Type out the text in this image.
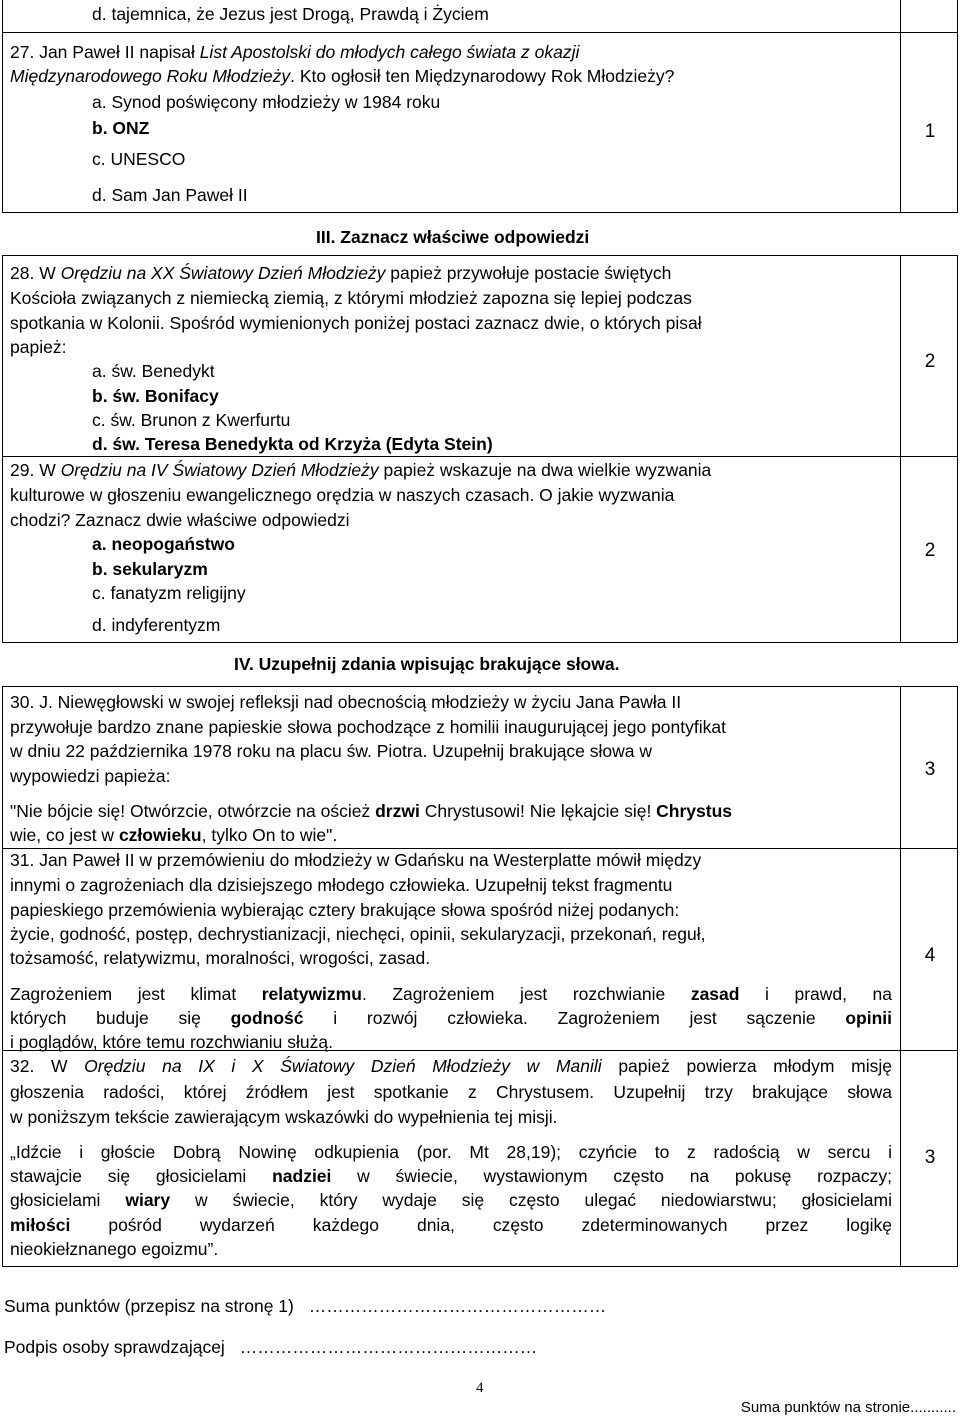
d. tajemnica, że Jezus jest Drogą, Prawdą i Życiem
27. Jan Paweł II napisał List Apostolski do młodych całego świata z okazji
Międzynarodowego Roku Młodzieży. Kto ogłosił ten Międzynarodowy Rok Młodzieży?
a. Synod poświęcony młodzieży w 1984 roku
b. ONZ
c. UNESCO
d. Sam Jan Paweł II
1
III. Zaznacz właściwe odpowiedzi
28. W Orędziu na XX Światowy Dzień Młodzieży papież przywołuje postacie świętych
Kościoła związanych z niemiecką ziemią, z którymi młodzież zapozna się lepiej podczas
spotkania w Kolonii. Spośród wymienionych poniżej postaci zaznacz dwie, o których pisał
papież:
a. św. Benedykt
b. św. Bonifacy
c. św. Brunon z Kwerfurtu
d. św. Teresa Benedykta od Krzyża (Edyta Stein)
2
29. W Orędziu na IV Światowy Dzień Młodzieży papież wskazuje na dwa wielkie wyzwania
kulturowe w głoszeniu ewangelicznego orędzia w naszych czasach. O jakie wyzwania
chodzi? Zaznacz dwie właściwe odpowiedzi
a. neopogaństwo
b. sekularyzm
c. fanatyzm religijny
d. indyferentyzm
2
IV. Uzupełnij zdania wpisując brakujące słowa.
30. J. Niewęgłowski w swojej refleksji nad obecnością młodzieży w życiu Jana Pawła II
przywołuje bardzo znane papieskie słowa pochodzące z homilii inaugurującej jego pontyfikat
w dniu 22 października 1978 roku na placu św. Piotra. Uzupełnij brakujące słowa w
wypowiedzi papieża:
"Nie bójcie się! Otwórzcie, otwórzcie na oścież drzwi Chrystusowi! Nie lękajcie się! Chrystus
wie, co jest w człowieku, tylko On to wie".
3
31. Jan Paweł II w przemówieniu do młodzieży w Gdańsku na Westerplatte mówił między
innymi o zagrożeniach dla dzisiejszego młodego człowieka. Uzupełnij tekst fragmentu
papieskiego przemówienia wybierając cztery brakujące słowa spośród niżej podanych:
życie, godność, postęp, dechrystianizacji, niechęci, opinii, sekularyzacji, przekonań, reguł,
tożsamość, relatywizmu, moralności, wrogości, zasad.
Zagrożeniem jest klimat relatywizmu. Zagrożeniem jest rozchwianie zasad i prawd, na
których buduje się godność i rozwój człowieka. Zagrożeniem jest sączenie opinii
i poglądów, które temu rozchwianiu służą.
4
32. W Orędziu na IX i X Światowy Dzień Młodzieży w Manili papież powierza młodym misję
głoszenia radości, której źródłem jest spotkanie z Chrystusem. Uzupełnij trzy brakujące słowa
w poniższym tekście zawierającym wskazówki do wypełnienia tej misji.
„Idźcie i głoście Dobrą Nowinę odkupienia (por. Mt 28,19); czyńcie to z radością w sercu i
stawajcie się głosicielami nadziei w świecie, wystawionym często na pokusę rozpaczy;
głosicielami wiary w świecie, który wydaje się często ulegać niedowiarstwu; głosicielami
miłości pośród wydarzeń każdego dnia, często zdeterminowanych przez logikę
nieokiełznanego egoizmu”.
3
Suma punktów (przepisz na stronę 1) ……………………………………………
Podpis osoby sprawdzającej ……………………………………………
4
Suma punktów na stronie...........
